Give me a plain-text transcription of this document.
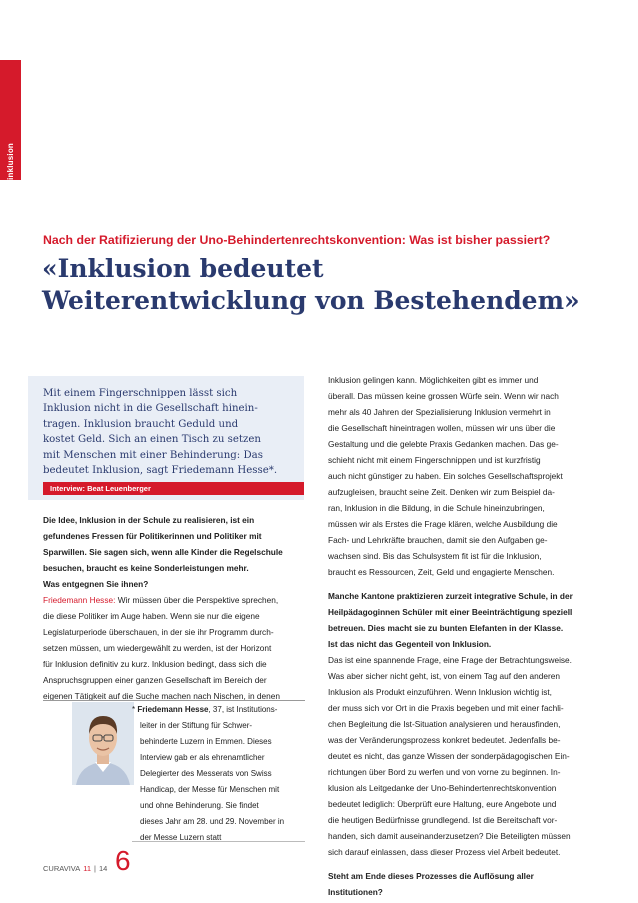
inklusion
Nach der Ratifizierung der Uno-Behindertenrechtskonvention: Was ist bisher passiert?
«Inklusion bedeutet
Weiterentwicklung von Bestehendem»
Mit einem Fingerschnippen lässt sich
Inklusion nicht in die Gesellschaft hinein-
tragen. Inklusion braucht Geduld und
kostet Geld. Sich an einen Tisch zu setzen
mit Menschen mit einer Behinderung: Das
bedeutet Inklusion, sagt Friedemann Hesse*.
Interview: Beat Leuenberger
Die Idee, Inklusion in der Schule zu realisieren, ist ein
gefundenes Fressen für Politikerinnen und Politiker mit
Sparwillen. Sie sagen sich, wenn alle Kinder die Regelschule
besuchen, braucht es keine Sonderleistungen mehr.
Was entgegnen Sie ihnen?
Friedemann Hesse: Wir müssen über die Perspektive sprechen,
die diese Politiker im Auge haben. Wenn sie nur die eigene
Legislaturperiode überschauen, in der sie ihr Programm durch-
setzen müssen, um wiedergewählt zu werden, ist der Horizont
für Inklusion definitiv zu kurz. Inklusion bedingt, dass sich die
Anspruchsgruppen einer ganzen Gesellschaft im Bereich der
eigenen Tätigkeit auf die Suche machen nach Nischen, in denen
* Friedemann Hesse, 37, ist Institutions-
leiter in der Stiftung für Schwer-
behinderte Luzern in Emmen. Dieses
Interview gab er als ehrenamtlicher
Delegierter des Messerats von Swiss
Handicap, der Messe für Menschen mit
und ohne Behinderung. Sie findet
dieses Jahr am 28. und 29. November in
der Messe Luzern statt
Inklusion gelingen kann. Möglichkeiten gibt es immer und
überall. Das müssen keine grossen Würfe sein. Wenn wir nach
mehr als 40 Jahren der Spezialisierung Inklusion vermehrt in
die Gesellschaft hineintragen wollen, müssen wir uns über die
Gestaltung und die gelebte Praxis Gedanken machen. Das ge-
schieht nicht mit einem Fingerschnippen und ist kurzfristig
auch nicht günstiger zu haben. Ein solches Gesellschaftsprojekt
aufzugleisen, braucht seine Zeit. Denken wir zum Beispiel da-
ran, Inklusion in die Bildung, in die Schule hineinzubringen,
müssen wir als Erstes die Frage klären, welche Ausbildung die
Fach- und Lehrkräfte brauchen, damit sie den Aufgaben ge-
wachsen sind. Bis das Schulsystem fit ist für die Inklusion,
braucht es Ressourcen, Zeit, Geld und engagierte Menschen.
Manche Kantone praktizieren zurzeit integrative Schule, in der
Heilpädagoginnen Schüler mit einer Beeinträchtigung speziell
betreuen. Dies macht sie zu bunten Elefanten in der Klasse.
Ist das nicht das Gegenteil von Inklusion.
Das ist eine spannende Frage, eine Frage der Betrachtungsweise.
Was aber sicher nicht geht, ist, von einem Tag auf den anderen
Inklusion als Produkt einzuführen. Wenn Inklusion wichtig ist,
der muss sich vor Ort in die Praxis begeben und mit einer fachli-
chen Begleitung die Ist-Situation analysieren und herausfinden,
was der Veränderungsprozess konkret bedeutet. Jedenfalls be-
deutet es nicht, das ganze Wissen der sonderpädagogischen Ein-
richtungen über Bord zu werfen und von vorne zu beginnen. In-
klusion als Leitgedanke der Uno-Behindertenrechtskonvention
bedeutet lediglich: Überprüft eure Haltung, eure Angebote und
die heutigen Bedürfnisse grundlegend. Ist die Bereitschaft vor-
handen, sich damit auseinanderzusetzen? Die Beteiligten müssen
sich darauf einlassen, dass dieser Prozess viel Arbeit bedeutet.
Steht am Ende dieses Prozesses die Auflösung aller
Institutionen?
CURAVIVA 11 | 14 6
